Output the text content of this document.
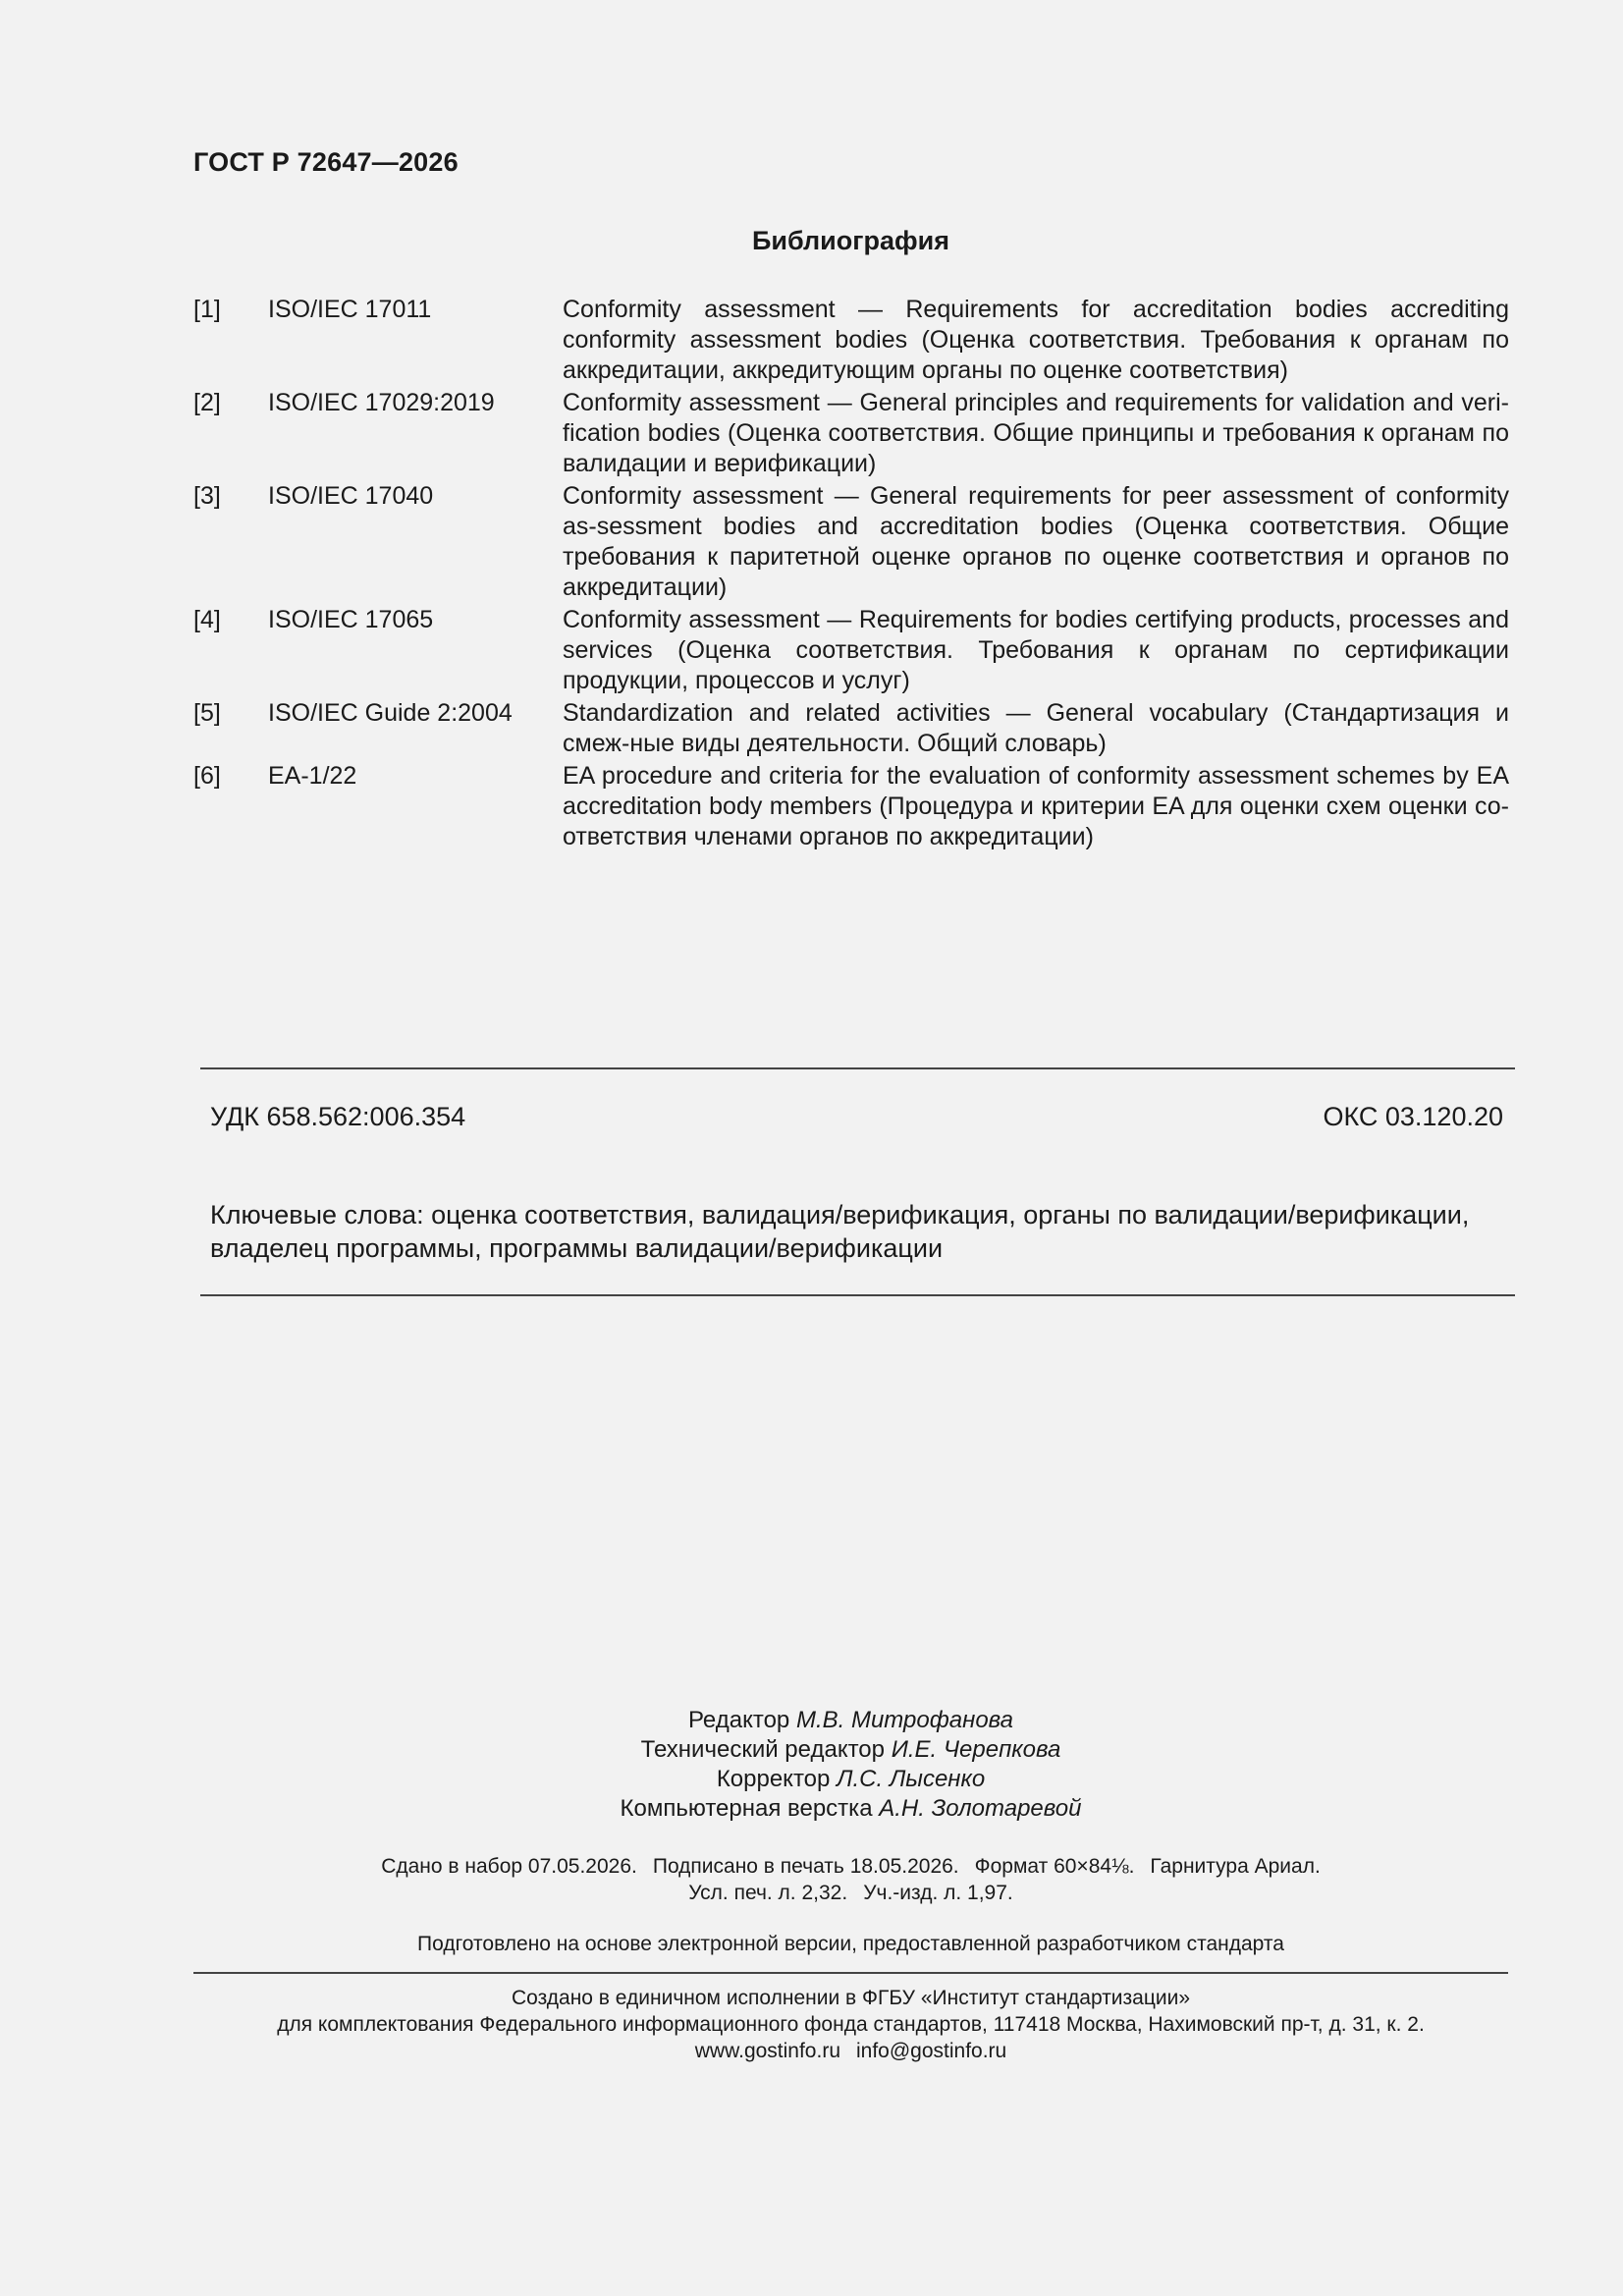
ГОСТ Р 72647—2026
Библиография
[1]	ISO/IEC 17011	Conformity assessment — Requirements for accreditation bodies accrediting conformity assessment bodies (Оценка соответствия. Требования к органам по аккредитации, аккредитующим органы по оценке соответствия)
[2]	ISO/IEC 17029:2019	Conformity assessment — General principles and requirements for validation and veri-fication bodies (Оценка соответствия. Общие принципы и требования к органам по валидации и верификации)
[3]	ISO/IEC 17040	Conformity assessment — General requirements for peer assessment of conformity as-sessment bodies and accreditation bodies (Оценка соответствия. Общие требования к паритетной оценке органов по оценке соответствия и органов по аккредитации)
[4]	ISO/IEC 17065	Conformity assessment — Requirements for bodies certifying products, processes and services (Оценка соответствия. Требования к органам по сертификации продукции, процессов и услуг)
[5]	ISO/IEC Guide 2:2004	Standardization and related activities — General vocabulary (Стандартизация и смеж-ные виды деятельности. Общий словарь)
[6]	EA-1/22	EA procedure and criteria for the evaluation of conformity assessment schemes by EA accreditation body members (Процедура и критерии EA для оценки схем оценки со-ответствия членами органов по аккредитации)
УДК 658.562:006.354	ОКС 03.120.20
Ключевые слова: оценка соответствия, валидация/верификация, органы по валидации/верификации, владелец программы, программы валидации/верификации
Редактор М.В. Митрофанова
Технический редактор И.Е. Черепкова
Корректор Л.С. Лысенко
Компьютерная верстка А.Н. Золотаревой
Сдано в набор 07.05.2026. Подписано в печать 18.05.2026. Формат 60×84⅛. Гарнитура Ариал.
Усл. печ. л. 2,32. Уч.-изд. л. 1,97.
Подготовлено на основе электронной версии, предоставленной разработчиком стандарта
Создано в единичном исполнении в ФГБУ «Институт стандартизации»
для комплектования Федерального информационного фонда стандартов, 117418 Москва, Нахимовский пр-т, д. 31, к. 2.
www.gostinfo.ru info@gostinfo.ru
